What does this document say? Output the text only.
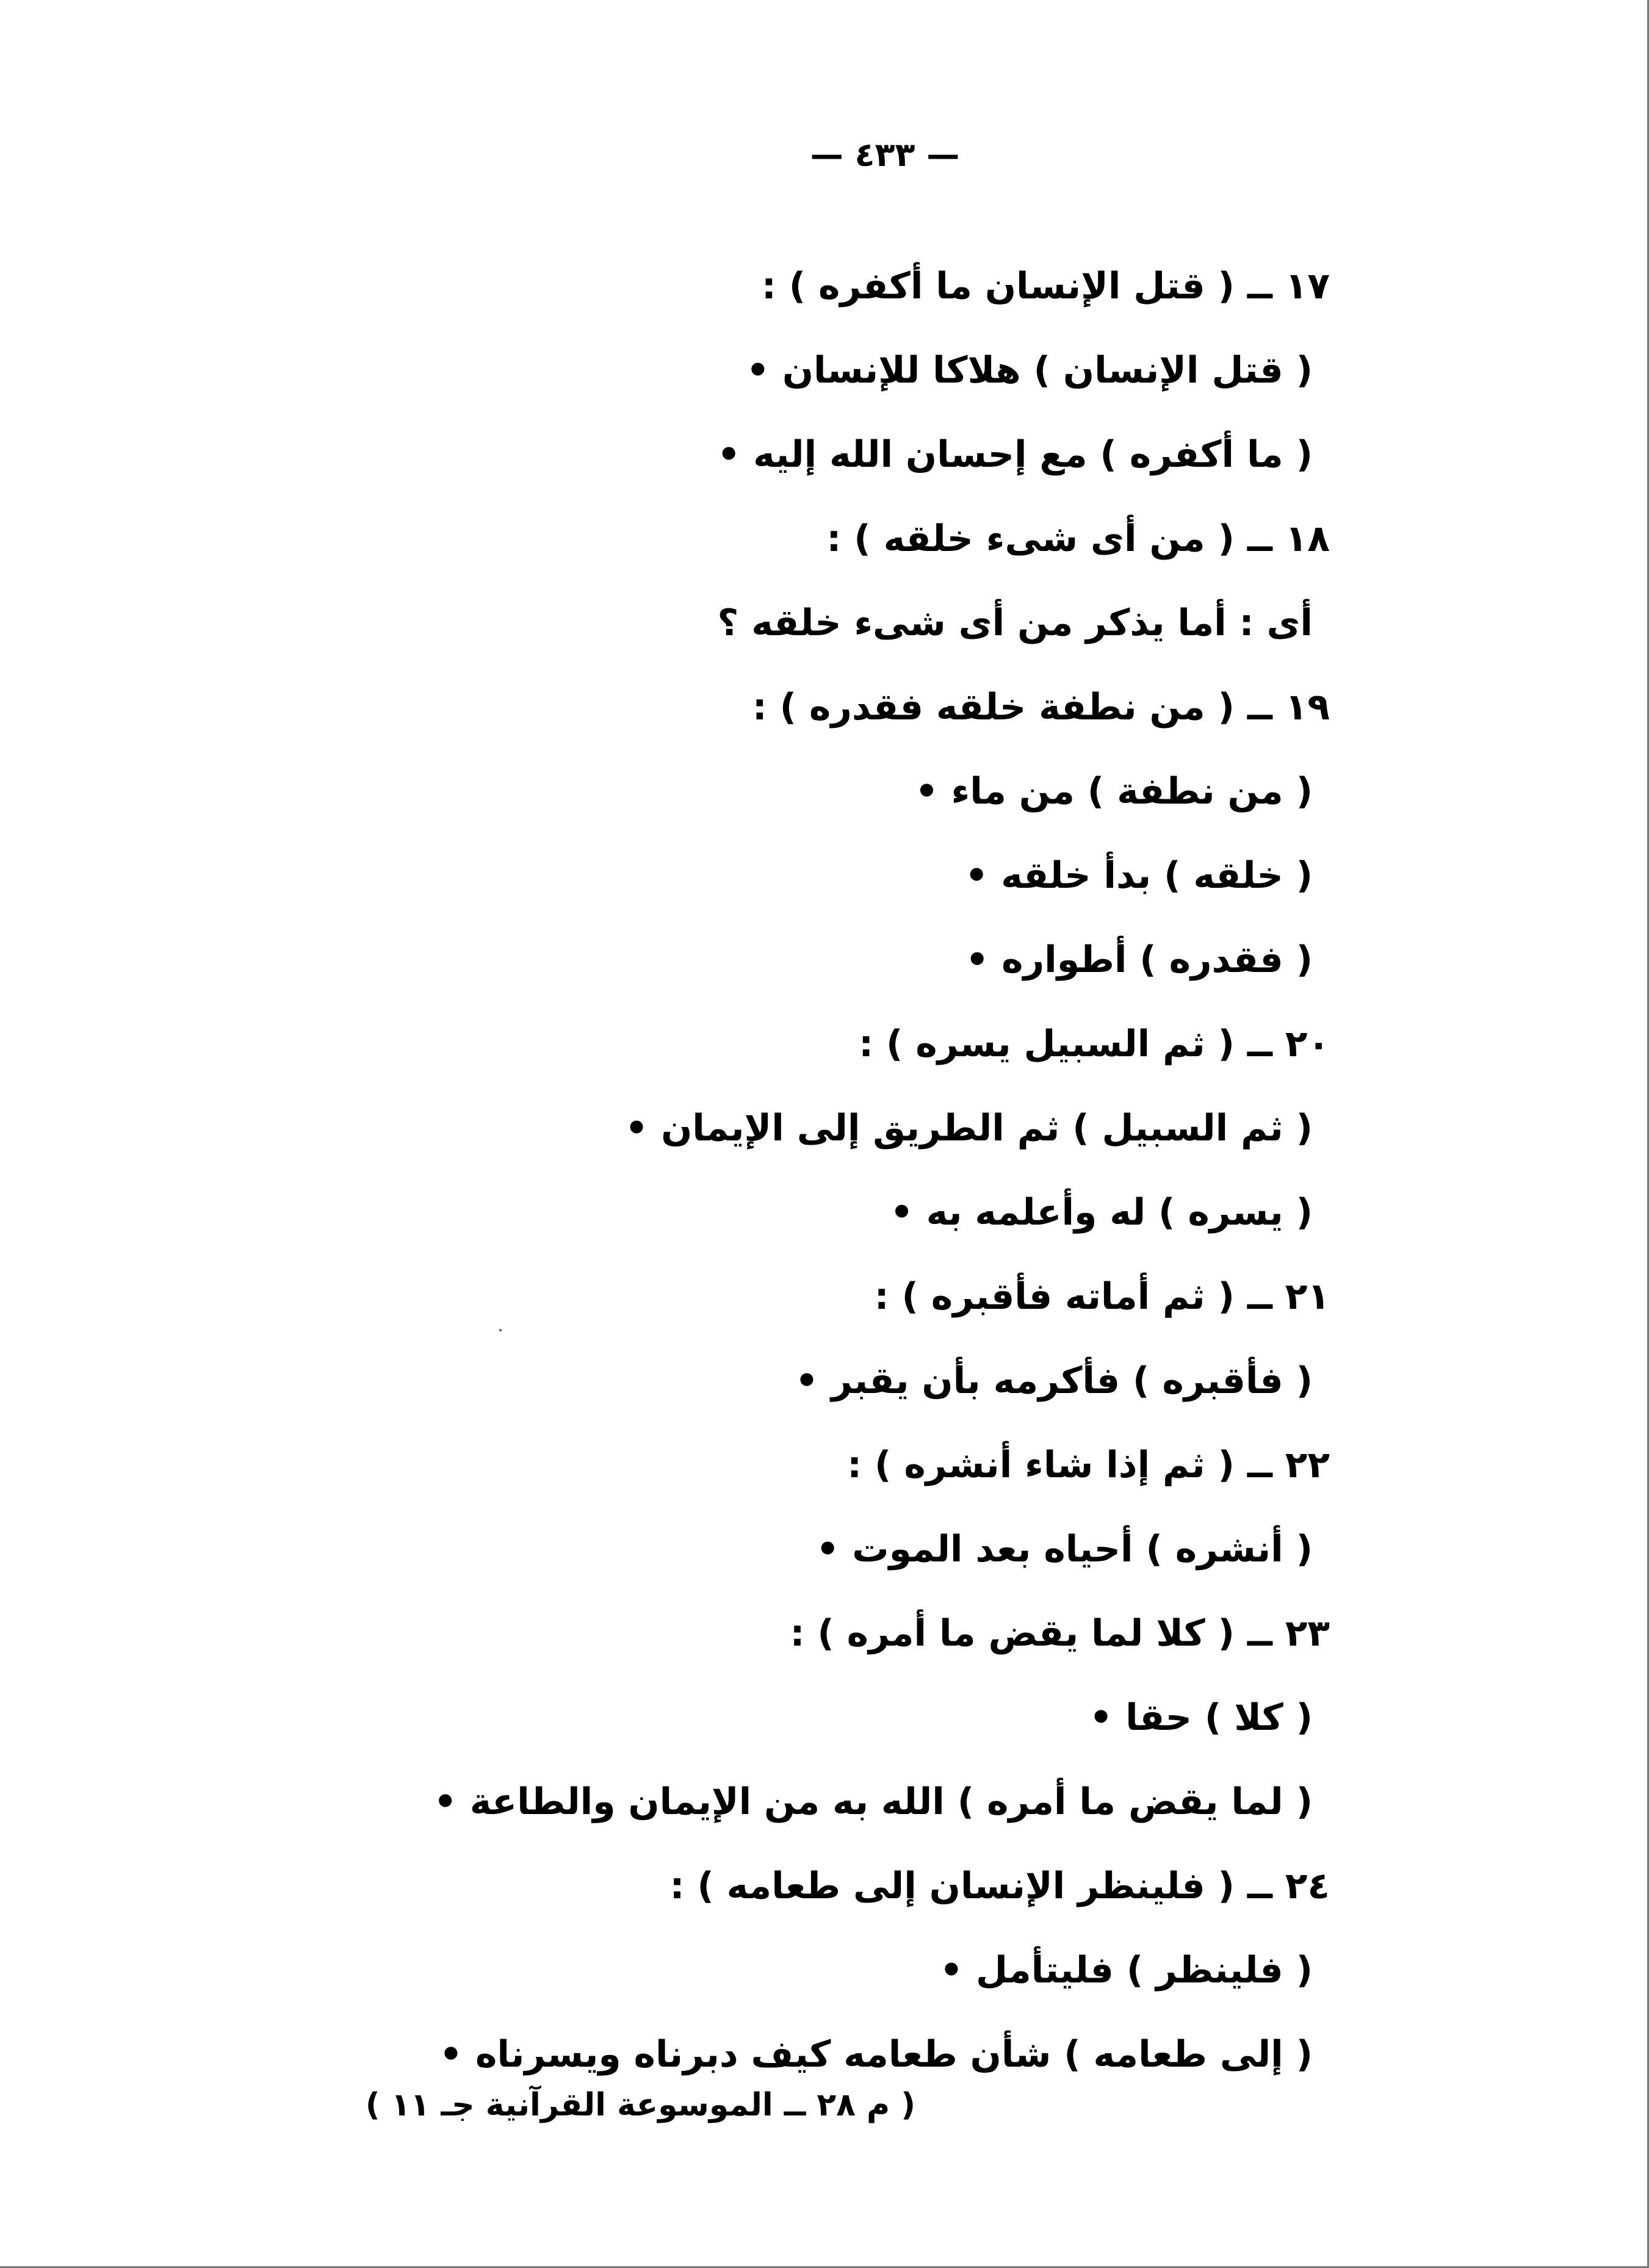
— ٤٣٣ —
١٧ ــ ( قتل الإنسان ما أكفره ) :
( قتل الإنسان ) هلاكا للإنسان •
( ما أكفره ) مع إحسان الله إليه •
١٨ ــ ( من أى شىء خلقه ) :
أى : أما يذكر من أى شىء خلقه ؟
١٩ ــ ( من نطفة خلقه فقدره ) :
( من نطفة ) من ماء •
( خلقه ) بدأ خلقه •
( فقدره ) أطواره •
٢٠ ــ ( ثم السبيل يسره ) :
( ثم السبيل ) ثم الطريق إلى الإيمان •
( يسره ) له وأعلمه به •
٢١ ــ ( ثم أماته فأقبره ) :
( فأقبره ) فأكرمه بأن يقبر •
٢٢ ــ ( ثم إذا شاء أنشره ) :
( أنشره ) أحياه بعد الموت •
٢٣ ــ ( كلا لما يقض ما أمره ) :
( كلا ) حقا •
( لما يقض ما أمره ) الله به من الإيمان والطاعة •
٢٤ ــ ( فلينظر الإنسان إلى طعامه ) :
( فلينظر ) فليتأمل •
( إلى طعامه ) شأن طعامه كيف دبرناه ويسرناه •
( م ٢٨ ــ الموسوعة القرآنية جـ ١١ )
